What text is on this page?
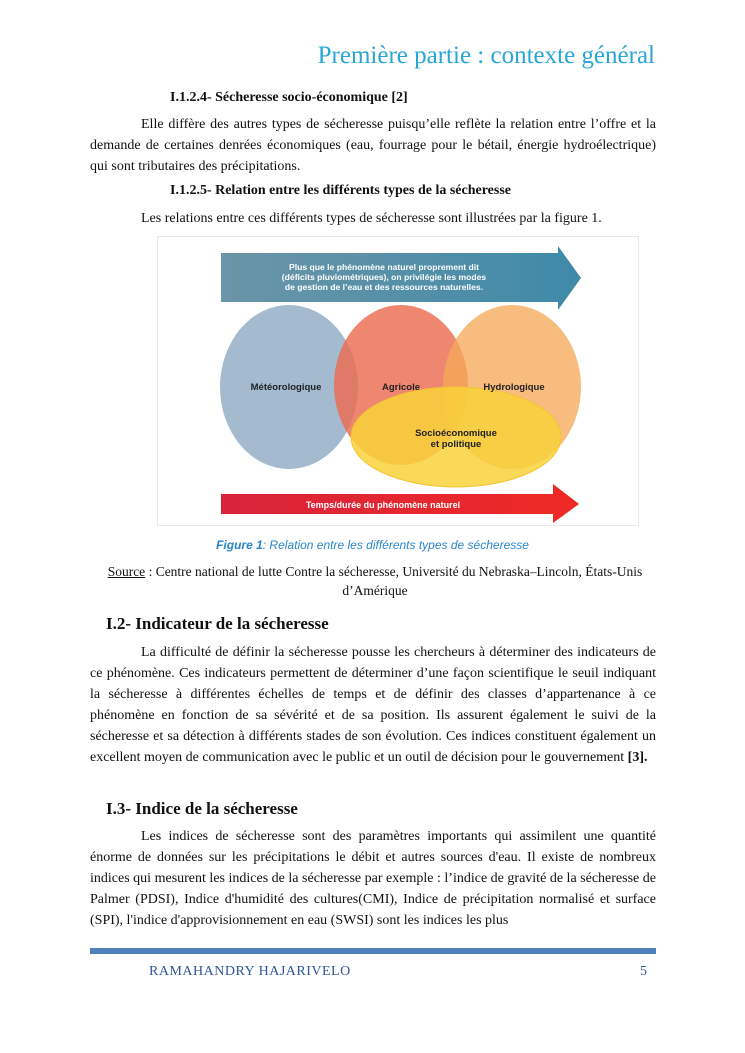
Première partie : contexte général
I.1.2.4- Sécheresse socio-économique [2]

Elle diffère des autres types de sécheresse puisqu’elle reflète la relation entre l’offre et la demande de certaines denrées économiques (eau, fourrage pour le bétail, énergie hydroélectrique) qui sont tributaires des précipitations.

I.1.2.5- Relation entre les différents types de la sécheresse

Les relations entre ces différents types de sécheresse sont illustrées par la figure 1.

Plus que le phénomène naturel proprement dit
(déficits pluviométriques), on privilégie les modes
de gestion de l’eau et des ressources naturelles.
Météorologique	Agricole	Hydrologique
Socioéconomique
et politique
Temps/durée du phénomène naturel
Figure 1: Relation entre les différents types de sécheresse
Source : Centre national de lutte Contre la sécheresse, Université du Nebraska–Lincoln, États-Unis d’Amérique
I.2- Indicateur de la sécheresse

La difficulté de définir la sécheresse pousse les chercheurs à déterminer des indicateurs de ce phénomène. Ces indicateurs permettent de déterminer d’une façon scientifique le seuil indiquant la sécheresse à différentes échelles de temps et de définir des classes d’appartenance à ce phénomène en fonction de sa sévérité et de sa position. Ils assurent également le suivi de la sécheresse et sa détection à différents stades de son évolution. Ces indices constituent également un excellent moyen de communication avec le public et un outil de décision pour le gouvernement [3].

I.3- Indice de la sécheresse

Les indices de sécheresse sont des paramètres importants qui assimilent une quantité énorme de données sur les précipitations le débit et autres sources d'eau. Il existe de nombreux indices qui mesurent les indices de la sécheresse par exemple : l’indice de gravité de la sécheresse de Palmer (PDSI), Indice d'humidité des cultures(CMI), Indice de précipitation normalisé et surface (SPI), l'indice d'approvisionnement en eau (SWSI) sont les indices les plus

RAMAHANDRY HAJARIVELO	5
